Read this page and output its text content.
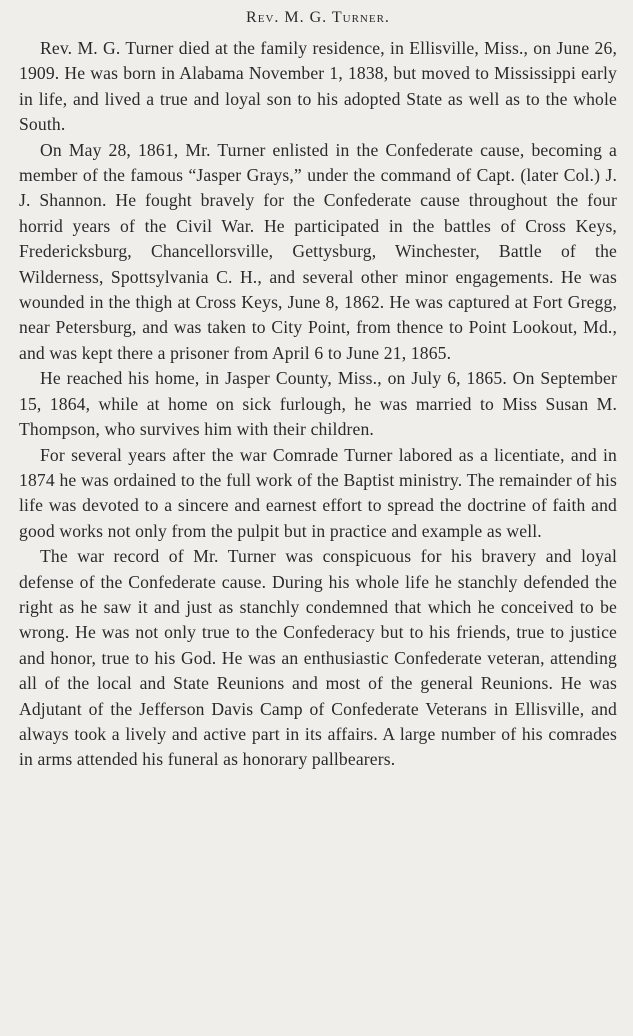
Rev. M. G. Turner.

Rev. M. G. Turner died at the family residence, in Ellisville, Miss., on June 26, 1909. He was born in Alabama November 1, 1838, but moved to Mississippi early in life, and lived a true and loyal son to his adopted State as well as to the whole South.

On May 28, 1861, Mr. Turner enlisted in the Confederate cause, becoming a member of the famous “Jasper Grays,” under the command of Capt. (later Col.) J. J. Shannon. He fought bravely for the Confederate cause throughout the four horrid years of the Civil War. He participated in the battles of Cross Keys, Fredericksburg, Chancellorsville, Gettysburg, Winchester, Battle of the Wilderness, Spottsylvania C. H., and several other minor engagements. He was wounded in the thigh at Cross Keys, June 8, 1862. He was captured at Fort Gregg, near Petersburg, and was taken to City Point, from thence to Point Lookout, Md., and was kept there a prisoner from April 6 to June 21, 1865.

He reached his home, in Jasper County, Miss., on July 6, 1865. On September 15, 1864, while at home on sick furlough, he was married to Miss Susan M. Thompson, who survives him with their children.

For several years after the war Comrade Turner labored as a licentiate, and in 1874 he was ordained to the full work of the Baptist ministry. The remainder of his life was devoted to a sincere and earnest effort to spread the doctrine of faith and good works not only from the pulpit but in practice and example as well.

The war record of Mr. Turner was conspicuous for his bravery and loyal defense of the Confederate cause. During his whole life he stanchly defended the right as he saw it and just as stanchly condemned that which he conceived to be wrong. He was not only true to the Confederacy but to his friends, true to justice and honor, true to his God. He was an enthusiastic Confederate veteran, attending all of the local and State Reunions and most of the general Reunions. He was Adjutant of the Jefferson Davis Camp of Confederate Veterans in Ellisville, and always took a lively and active part in its affairs. A large number of his comrades in arms attended his funeral as honorary pallbearers.
